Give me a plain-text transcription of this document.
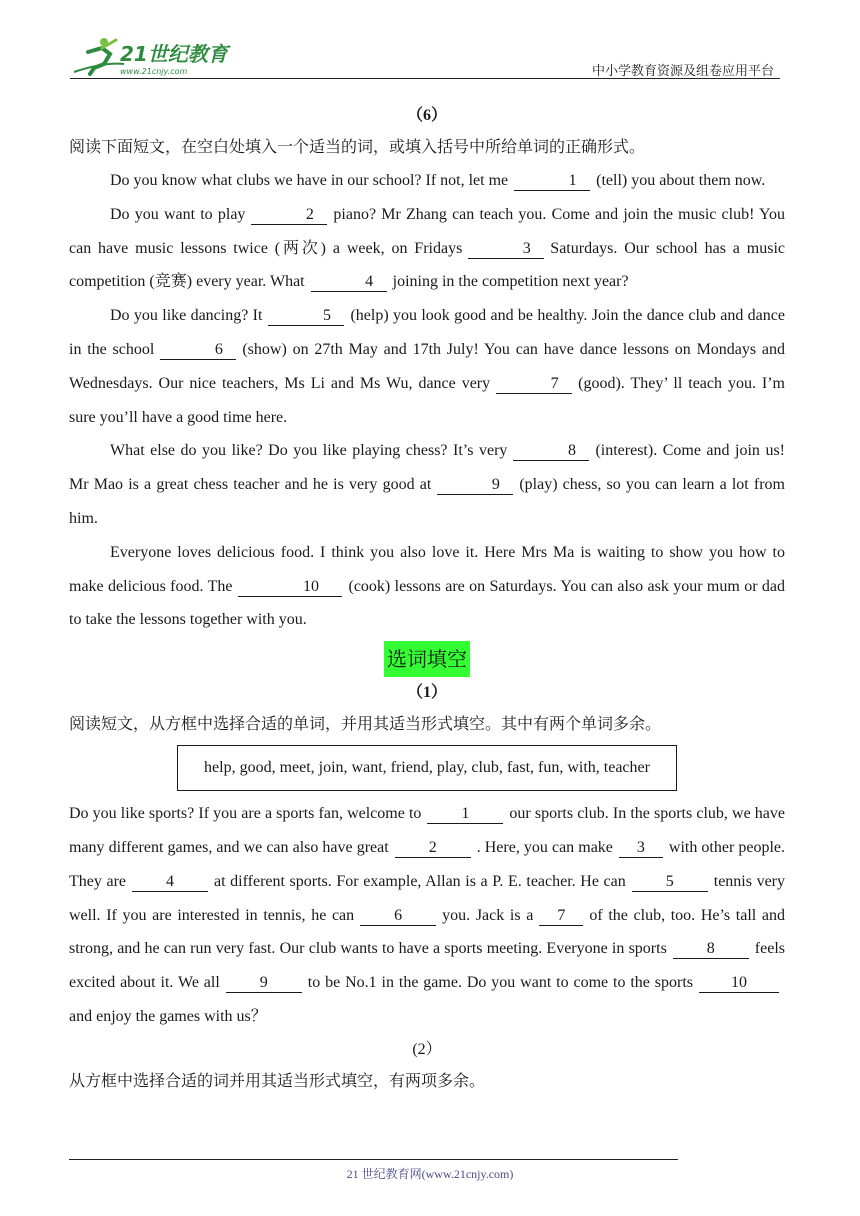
21世纪教育
www.21cnjy.com	中小学教育资源及组卷应用平台
（6）
阅读下面短文，在空白处填入一个适当的词，或填入括号中所给单词的正确形式。

Do you know what clubs we have in our school? If not, let me	1 (tell) you about them now.

Do you want to play	2 piano? Mr Zhang can teach you. Come and join the music club! You can have music lessons twice (两次) a week, on Fridays	3 Saturdays. Our school has a music competition (竞赛) every year. What	4 joining in the competition next year?

Do you like dancing? It	5 (help) you look good and be healthy. Join the dance club and dance in the school	6 (show) on 27th May and 17th July! You can have dance lessons on Mondays and Wednesdays. Our nice teachers, Ms Li and Ms Wu, dance very	7 (good). They’ ll teach you. I’m sure you’ll have a good time here.

What else do you like? Do you like playing chess? It’s very	8 (interest). Come and join us! Mr Mao is a great chess teacher and he is very good at	9 (play) chess, so you can learn a lot from him.

Everyone loves delicious food. I think you also love it. Here Mrs Ma is waiting to show you how to make delicious food. The	10 (cook) lessons are on Saturdays. You can also ask your mum or dad to take the lessons together with you.

选词填空
（1）
阅读短文，从方框中选择合适的单词，并用其适当形式填空。其中有两个单词多余。
help, good, meet, join, want, friend, play, club, fast, fun, with, teacher

Do you like sports? If you are a sports fan, welcome to	1	our sports club. In the sports club, we have many different games, and we can also have great	2	. Here, you can make 3 with other people. They are	4	at different sports. For example, Allan is a P. E. teacher. He can	5	tennis very well. If you are interested in tennis, he can	6	you. Jack is a 7 of the club, too. He’s tall and strong, and he can run very fast. Our club wants to have a sports meeting. Everyone in sports	8	feels excited about it. We all	9	to be No.1 in the game. Do you want to come to the sports 10and enjoy the games with us？

(2）
从方框中选择合适的词并用其适当形式填空，有两项多余。
21 世纪教育网(www.21cnjy.com)
